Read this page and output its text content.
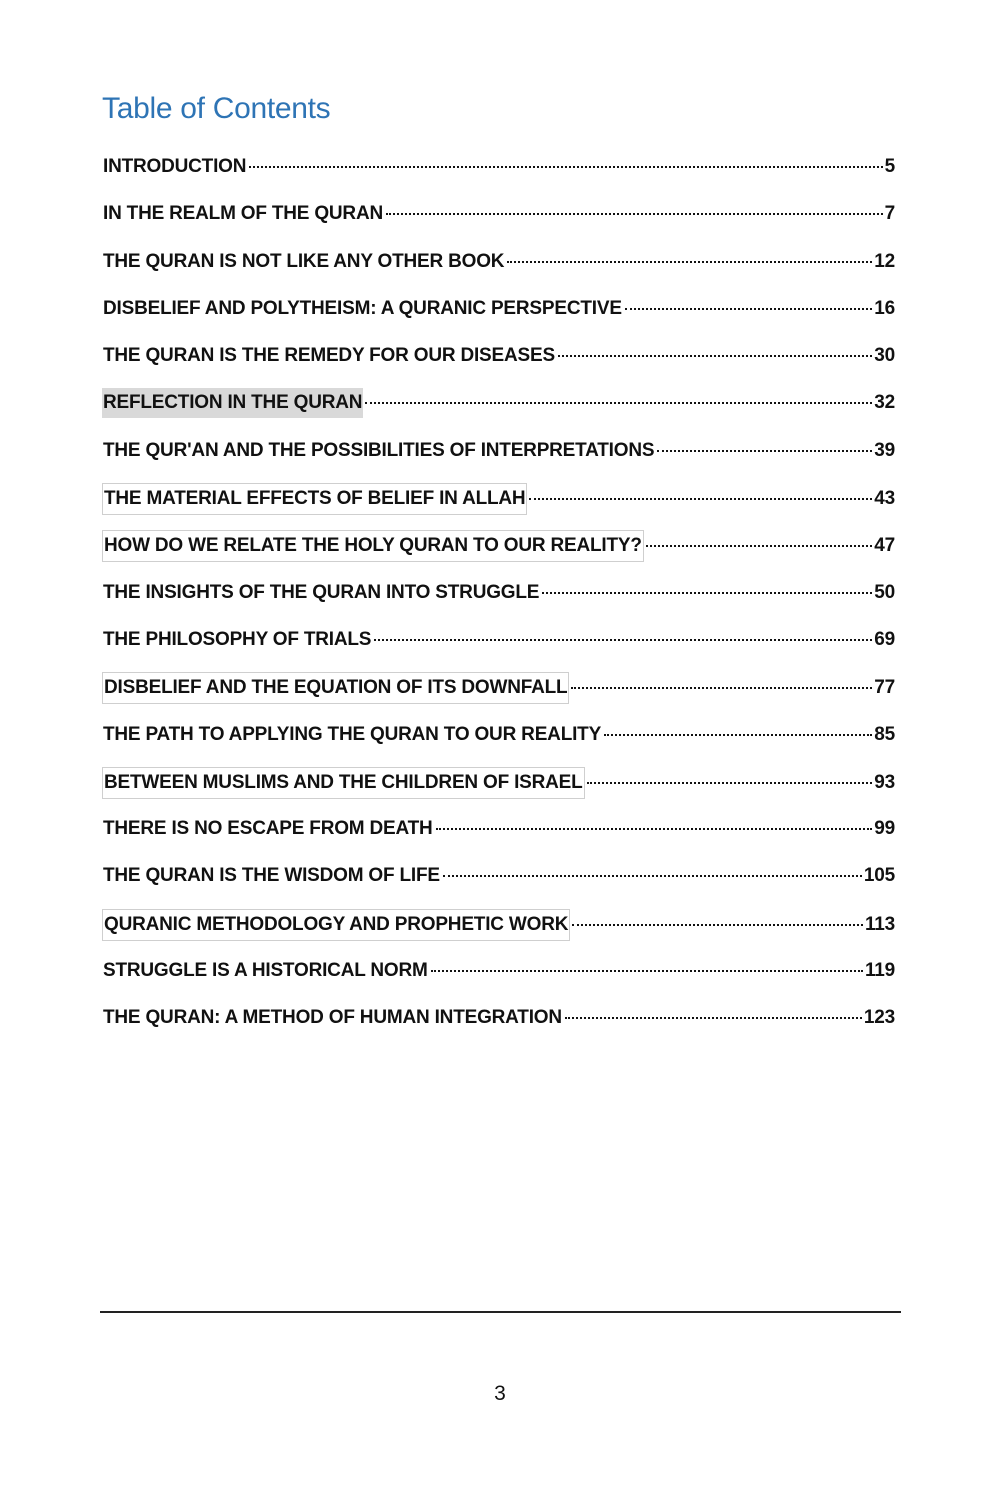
Table of Contents
INTRODUCTION	5
IN THE REALM OF THE QURAN	7
THE QURAN IS NOT LIKE ANY OTHER BOOK	12
DISBELIEF AND POLYTHEISM: A QURANIC PERSPECTIVE	16
THE QURAN IS THE REMEDY FOR OUR DISEASES	30
REFLECTION IN THE QURAN	32
THE QUR'AN AND THE POSSIBILITIES OF INTERPRETATIONS	39
THE MATERIAL EFFECTS OF BELIEF IN ALLAH	43
HOW DO WE RELATE THE HOLY QURAN TO OUR REALITY?	47
THE INSIGHTS OF THE QURAN INTO STRUGGLE	50
THE PHILOSOPHY OF TRIALS	69
DISBELIEF AND THE EQUATION OF ITS DOWNFALL	77
THE PATH TO APPLYING THE QURAN TO OUR REALITY	85
BETWEEN MUSLIMS AND THE CHILDREN OF ISRAEL	93
THERE IS NO ESCAPE FROM DEATH	99
THE QURAN IS THE WISDOM OF LIFE	105
QURANIC METHODOLOGY AND PROPHETIC WORK	113
STRUGGLE IS A HISTORICAL NORM	119
THE QURAN: A METHOD OF HUMAN INTEGRATION	123
3
